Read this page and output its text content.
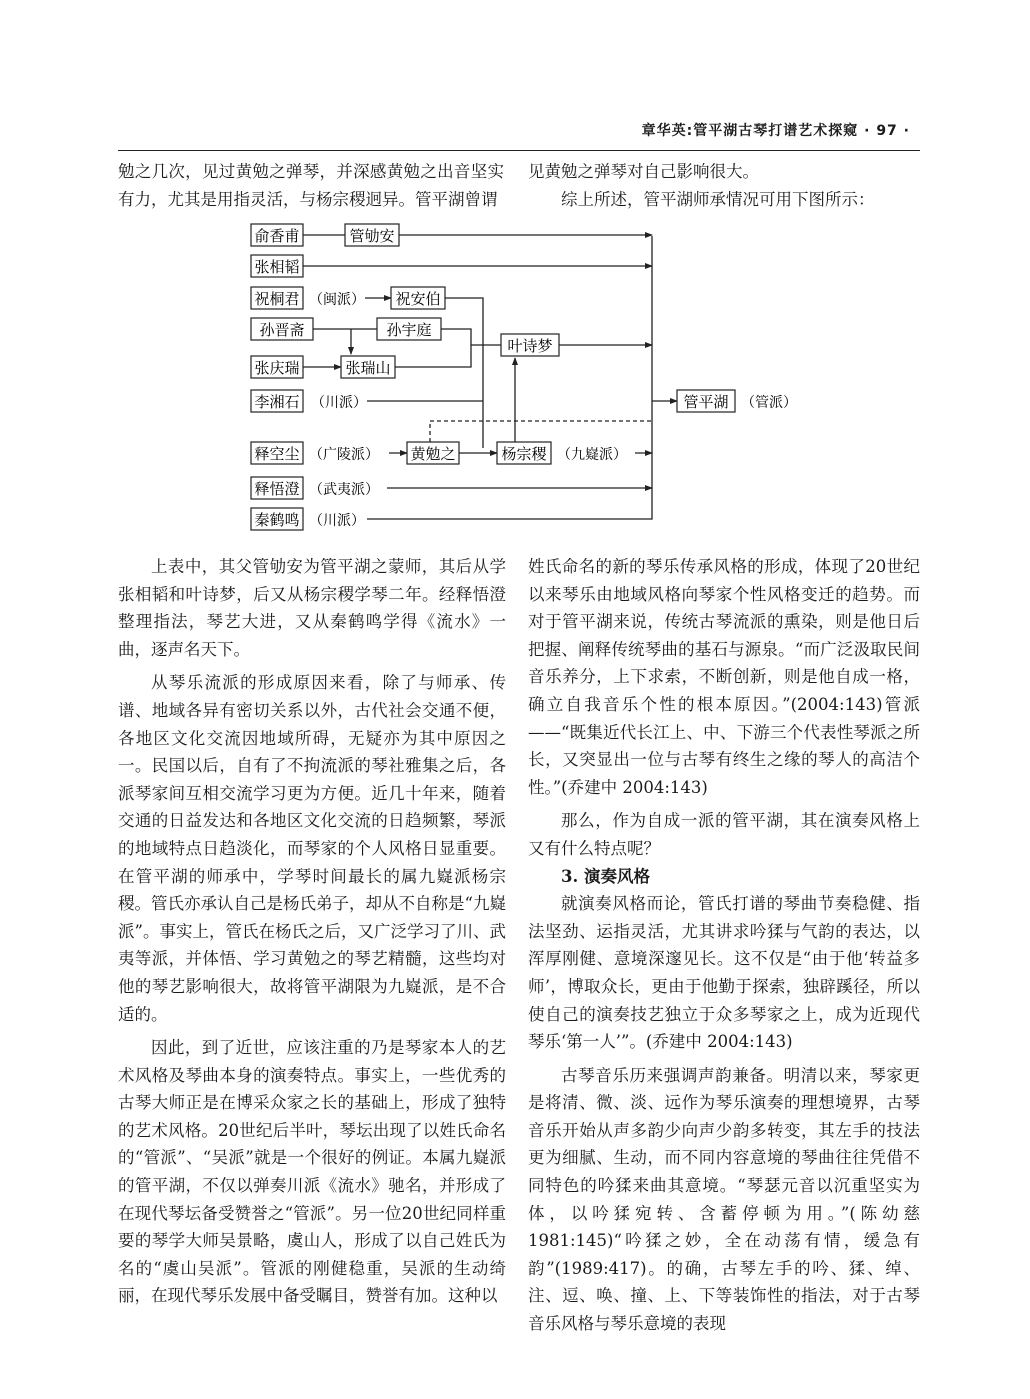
章华英:管平湖古琴打谱艺术探窥 · 97 ·

勉之几次，见过黄勉之弹琴，并深感黄勉之出音坚实有力，尤其是用指灵活，与杨宗稷迥异。管平湖曾谓

见黄勉之弹琴对自己影响很大。

综上所述，管平湖师承情况可用下图所示：

俞香甫	管劬安
张相韬
祝桐君 （闽派） 祝安伯
孙晋斋	孙宇庭
叶诗梦
张庆瑞	张瑞山
李湘石 （川派）	管平湖 （管派）
释空尘 （广陵派） 黄勉之	杨宗稷 （九嶷派）
释悟澄 （武夷派）
秦鹤鸣 （川派）

上表中，其父管劬安为管平湖之蒙师，其后从学张相韬和叶诗梦，后又从杨宗稷学琴二年。经释悟澄整理指法，琴艺大进，又从秦鹤鸣学得《流水》一曲，逐声名天下。

从琴乐流派的形成原因来看，除了与师承、传谱、地域各异有密切关系以外，古代社会交通不便，各地区文化交流因地域所碍，无疑亦为其中原因之一。民国以后，自有了不拘流派的琴社雅集之后，各派琴家间互相交流学习更为方便。近几十年来，随着交通的日益发达和各地区文化交流的日趋频繁，琴派的地域特点日趋淡化，而琴家的个人风格日显重要。在管平湖的师承中，学琴时间最长的属九嶷派杨宗稷。管氏亦承认自己是杨氏弟子，却从不自称是“九嶷派”。事实上，管氏在杨氏之后，又广泛学习了川、武夷等派，并体悟、学习黄勉之的琴艺精髓，这些均对他的琴艺影响很大，故将管平湖限为九嶷派，是不合适的。

因此，到了近世，应该注重的乃是琴家本人的艺术风格及琴曲本身的演奏特点。事实上，一些优秀的古琴大师正是在博采众家之长的基础上，形成了独特的艺术风格。20世纪后半叶，琴坛出现了以姓氏命名的“管派”、“吴派”就是一个很好的例证。本属九嶷派的管平湖，不仅以弹奏川派《流水》驰名，并形成了在现代琴坛备受赞誉之“管派”。另一位20世纪同样重要的琴学大师吴景略，虞山人，形成了以自己姓氏为名的“虞山吴派”。管派的刚健稳重，吴派的生动绮丽，在现代琴乐发展中备受瞩目，赞誉有加。这种以

姓氏命名的新的琴乐传承风格的形成，体现了20世纪以来琴乐由地域风格向琴家个性风格变迁的趋势。而对于管平湖来说，传统古琴流派的熏染，则是他日后把握、阐释传统琴曲的基石与源泉。“而广泛汲取民间音乐养分，上下求索，不断创新，则是他自成一格，确立自我音乐个性的根本原因。”(2004:143)管派——“既集近代长江上、中、下游三个代表性琴派之所长，又突显出一位与古琴有终生之缘的琴人的高洁个性。”(乔建中 2004:143)

那么，作为自成一派的管平湖，其在演奏风格上又有什么特点呢？

3. 演奏风格

就演奏风格而论，管氏打谱的琴曲节奏稳健、指法坚劲、运指灵活，尤其讲求吟猱与气韵的表达，以浑厚刚健、意境深邃见长。这不仅是“由于他‘转益多师’，博取众长，更由于他勤于探索，独辟蹊径，所以使自己的演奏技艺独立于众多琴家之上，成为近现代琴乐‘第一人’”。(乔建中 2004:143)

古琴音乐历来强调声韵兼备。明清以来，琴家更是将清、微、淡、远作为琴乐演奏的理想境界，古琴音乐开始从声多韵少向声少韵多转变，其左手的技法更为细腻、生动，而不同内容意境的琴曲往往凭借不同特色的吟猱来曲其意境。“琴瑟元音以沉重坚实为体，以吟猱宛转、含蓄停顿为用。”(陈幼慈 1981:145)“吟猱之妙，全在动荡有情，缓急有韵”(1989:417)。的确，古琴左手的吟、猱、绰、注、逗、唤、撞、上、下等装饰性的指法，对于古琴音乐风格与琴乐意境的表现
